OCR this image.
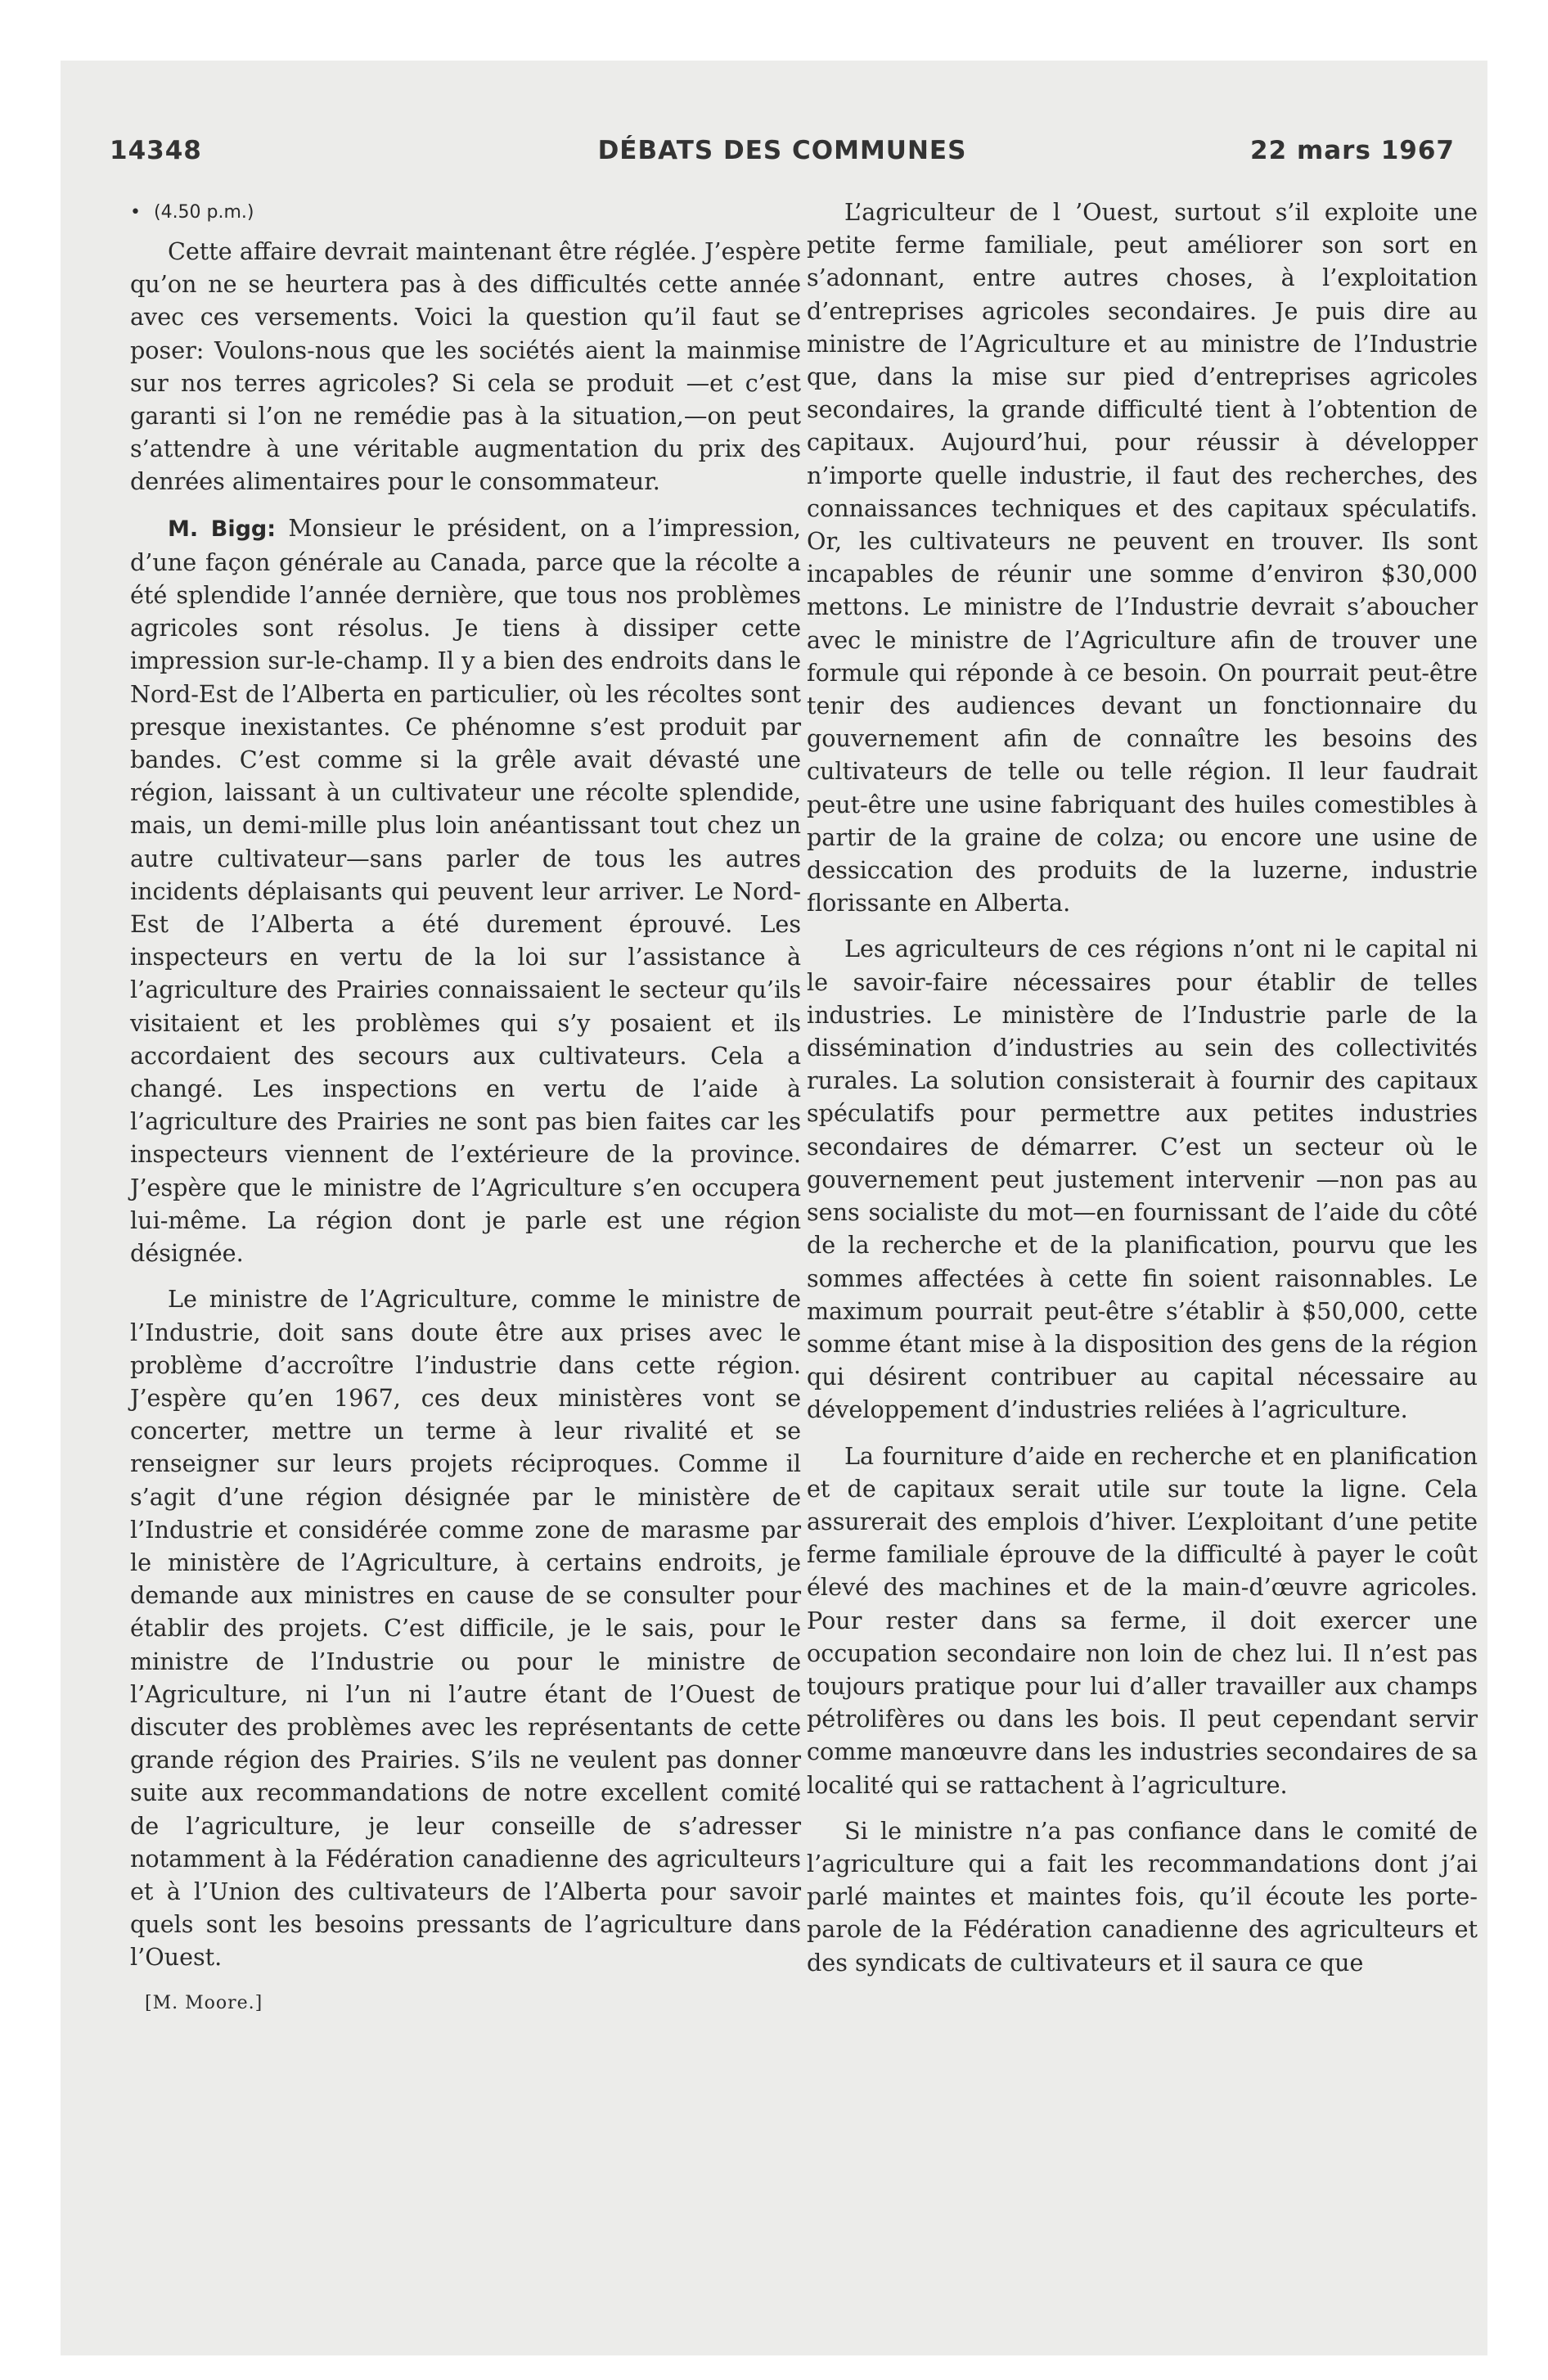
14348	DÉBATS DES COMMUNES	22 mars 1967
• (4.50 p.m.)

Cette affaire devrait maintenant être réglée. J’espère qu’on ne se heurtera pas à des difficultés cette année avec ces versements. Voici la question qu’il faut se poser: Voulons-nous que les sociétés aient la mainmise sur nos terres agricoles? Si cela se produit —et c’est garanti si l’on ne remédie pas à la situation,—on peut s’attendre à une véritable augmentation du prix des denrées alimentaires pour le consommateur.

M. Bigg: Monsieur le président, on a l’impression, d’une façon générale au Canada, parce que la récolte a été splendide l’année dernière, que tous nos problèmes agricoles sont résolus. Je tiens à dissiper cette impression sur-le-champ. Il y a bien des endroits dans le Nord-Est de l’Alberta en particulier, où les récoltes sont presque inexistantes. Ce phénomne s’est produit par bandes. C’est comme si la grêle avait dévasté une région, laissant à un cultivateur une récolte splendide, mais, un demi-mille plus loin anéantissant tout chez un autre cultivateur—sans parler de tous les autres incidents déplaisants qui peuvent leur arriver. Le Nord-Est de l’Alberta a été durement éprouvé. Les inspecteurs en vertu de la loi sur l’assistance à l’agriculture des Prairies connaissaient le secteur qu’ils visitaient et les problèmes qui s’y posaient et ils accordaient des secours aux cultivateurs. Cela a changé. Les inspections en vertu de l’aide à l’agriculture des Prairies ne sont pas bien faites car les inspecteurs viennent de l’extérieure de la province. J’espère que le ministre de l’Agriculture s’en occupera lui-même. La région dont je parle est une région désignée.

Le ministre de l’Agriculture, comme le ministre de l’Industrie, doit sans doute être aux prises avec le problème d’accroître l’industrie dans cette région. J’espère qu’en 1967, ces deux ministères vont se concerter, mettre un terme à leur rivalité et se renseigner sur leurs projets réciproques. Comme il s’agit d’une région désignée par le ministère de l’Industrie et considérée comme zone de marasme par le ministère de l’Agriculture, à certains endroits, je demande aux ministres en cause de se consulter pour établir des projets. C’est difficile, je le sais, pour le ministre de l’Industrie ou pour le ministre de l’Agriculture, ni l’un ni l’autre étant de l’Ouest de discuter des problèmes avec les représentants de cette grande région des Prairies. S’ils ne veulent pas donner suite aux recommandations de notre excellent comité de l’agriculture, je leur conseille de s’adresser notamment à la Fédération canadienne des agriculteurs et à l’Union des cultivateurs de l’Alberta pour savoir quels sont les besoins pressants de l’agriculture dans l’Ouest.

[M. Moore.]

L’agriculteur de l ’Ouest, surtout s’il exploite une petite ferme familiale, peut améliorer son sort en s’adonnant, entre autres choses, à l’exploitation d’entreprises agricoles secondaires. Je puis dire au ministre de l’Agriculture et au ministre de l’Industrie que, dans la mise sur pied d’entreprises agricoles secondaires, la grande difficulté tient à l’obtention de capitaux. Aujourd’hui, pour réussir à développer n’importe quelle industrie, il faut des recherches, des connaissances techniques et des capitaux spéculatifs. Or, les cultivateurs ne peuvent en trouver. Ils sont incapables de réunir une somme d’environ $30,000 mettons. Le ministre de l’Industrie devrait s’aboucher avec le ministre de l’Agriculture afin de trouver une formule qui réponde à ce besoin. On pourrait peut-être tenir des audiences devant un fonctionnaire du gouvernement afin de connaître les besoins des cultivateurs de telle ou telle région. Il leur faudrait peut-être une usine fabriquant des huiles comestibles à partir de la graine de colza; ou encore une usine de dessiccation des produits de la luzerne, industrie florissante en Alberta.

Les agriculteurs de ces régions n’ont ni le capital ni le savoir-faire nécessaires pour établir de telles industries. Le ministère de l’Industrie parle de la dissémination d’industries au sein des collectivités rurales. La solution consisterait à fournir des capitaux spéculatifs pour permettre aux petites industries secondaires de démarrer. C’est un secteur où le gouvernement peut justement intervenir —non pas au sens socialiste du mot—en fournissant de l’aide du côté de la recherche et de la planification, pourvu que les sommes affectées à cette fin soient raisonnables. Le maximum pourrait peut-être s’établir à $50,000, cette somme étant mise à la disposition des gens de la région qui désirent contribuer au capital nécessaire au développement d’industries reliées à l’agriculture.

La fourniture d’aide en recherche et en planification et de capitaux serait utile sur toute la ligne. Cela assurerait des emplois d’hiver. L’exploitant d’une petite ferme familiale éprouve de la difficulté à payer le coût élevé des machines et de la main-d’œuvre agricoles. Pour rester dans sa ferme, il doit exercer une occupation secondaire non loin de chez lui. Il n’est pas toujours pratique pour lui d’aller travailler aux champs pétrolifères ou dans les bois. Il peut cependant servir comme manœuvre dans les industries secondaires de sa localité qui se rattachent à l’agriculture.

Si le ministre n’a pas confiance dans le comité de l’agriculture qui a fait les recommandations dont j’ai parlé maintes et maintes fois, qu’il écoute les porte-parole de la Fédération canadienne des agriculteurs et des syndicats de cultivateurs et il saura ce que
